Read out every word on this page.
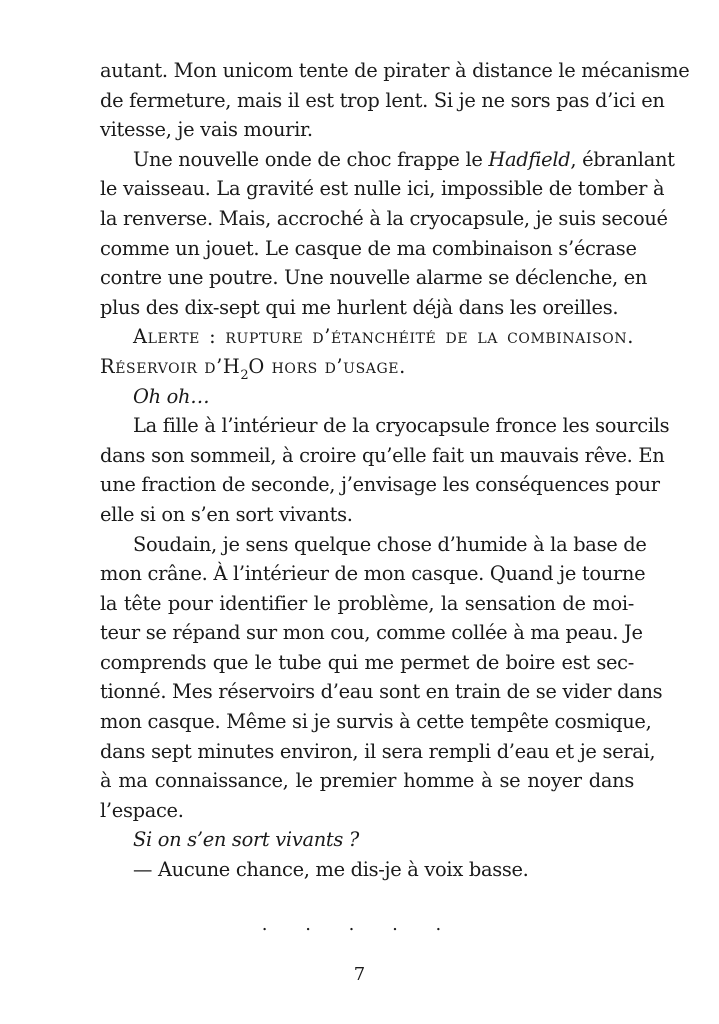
autant. Mon unicom tente de pirater à distance le mécanisme
de fermeture, mais il est trop lent. Si je ne sors pas d’ici en
vitesse, je vais mourir.

Une nouvelle onde de choc frappe le Hadfield, ébranlant
le vaisseau. La gravité est nulle ici, impossible de tomber à
la renverse. Mais, accroché à la cryocapsule, je suis secoué
comme un jouet. Le casque de ma combinaison s’écrase
contre une poutre. Une nouvelle alarme se déclenche, en
plus des dix-sept qui me hurlent déjà dans les oreilles.

Alerte : rupture d’étanchéité de la combinaison.
Réservoir $d’H_2O$ hors d’usage.

Oh oh…

La fille à l’intérieur de la cryocapsule fronce les sourcils
dans son sommeil, à croire qu’elle fait un mauvais rêve. En
une fraction de seconde, j’envisage les conséquences pour
elle si on s’en sort vivants.

Soudain, je sens quelque chose d’humide à la base de
mon crâne. À l’intérieur de mon casque. Quand je tourne
la tête pour identifier le problème, la sensation de moi-
teur se répand sur mon cou, comme collée à ma peau. Je
comprends que le tube qui me permet de boire est sec-
tionné. Mes réservoirs d’eau sont en train de se vider dans
mon casque. Même si je survis à cette tempête cosmique,
dans sept minutes environ, il sera rempli d’eau et je serai,
à ma connaissance, le premier homme à se noyer dans
l’espace.

Si on s’en sort vivants ?

— Aucune chance, me dis-je à voix basse.

. . . . .
7
